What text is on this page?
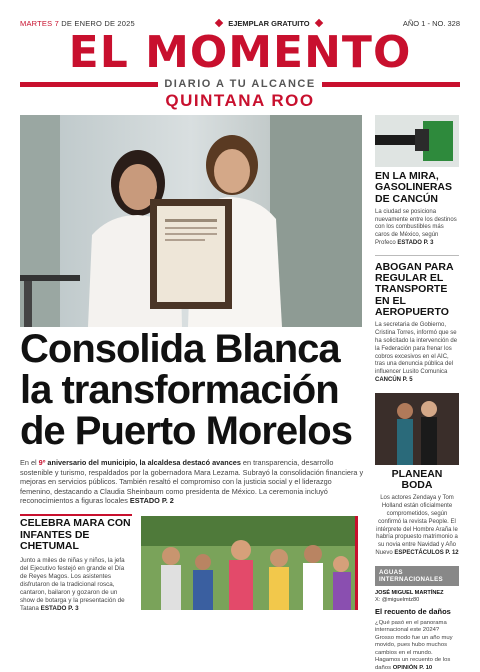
MARTES 7 DE ENERO DE 2025	EJEMPLAR GRATUITO	AÑO 1 - NO. 328
EL MOMENTO
DIARIO A TU ALCANCE
QUINTANA ROO
Consolida Blanca
la transformación
de Puerto Morelos
En el 9º aniversario del municipio, la alcaldesa destacó avances en transparencia, desarrollo sostenible y turismo, respaldados por la gobernadora Mara Lezama. Subrayó la consolidación financiera y mejoras en servicios públicos. También resaltó el compromiso con la justicia social y el liderazgo femenino, destacando a Claudia Sheinbaum como presidenta de México. La ceremonia incluyó reconocimientos a figuras locales ESTADO P. 2
CELEBRA MARA CON INFANTES DE CHETUMAL
Junto a miles de niñas y niños, la jefa del Ejecutivo festejó en grande el Día de Reyes Magos. Los asistentes disfrutaron de la tradicional rosca, cantaron, bailaron y gozaron de un show de botarga y la presentación de Tatana ESTADO P. 3
EN LA MIRA, GASOLINERAS DE CANCÚN
La ciudad se posiciona nuevamente entre los destinos con los combustibles más caros de México, según Profeco ESTADO P. 3
ABOGAN PARA REGULAR EL TRANSPORTE EN EL AEROPUERTO
La secretaria de Gobierno, Cristina Torres, informó que se ha solicitado la intervención de la Federación para frenar los cobros excesivos en el AIC, tras una denuncia pública del influencer Lusito Comunica CANCÚN P. 5
PLANEAN BODA
Los actores Zendaya y Tom Holland están oficialmente comprometidos, según confirmó la revista People. El intérprete del Hombre Araña le habría propuesto matrimonio a su novia entre Navidad y Año Nuevo ESPECTÁCULOS P. 12
AGUAS INTERNACIONALES
JOSÉ MIGUEL MARTÍNEZ
X: @miguelmtz80
El recuento de daños
¿Qué pasó en el panorama internacional este 2024? Grosso modo fue un año muy movido, pues hubo muchos cambios en el mundo. Hagamos un recuento de los daños OPINIÓN P. 10
